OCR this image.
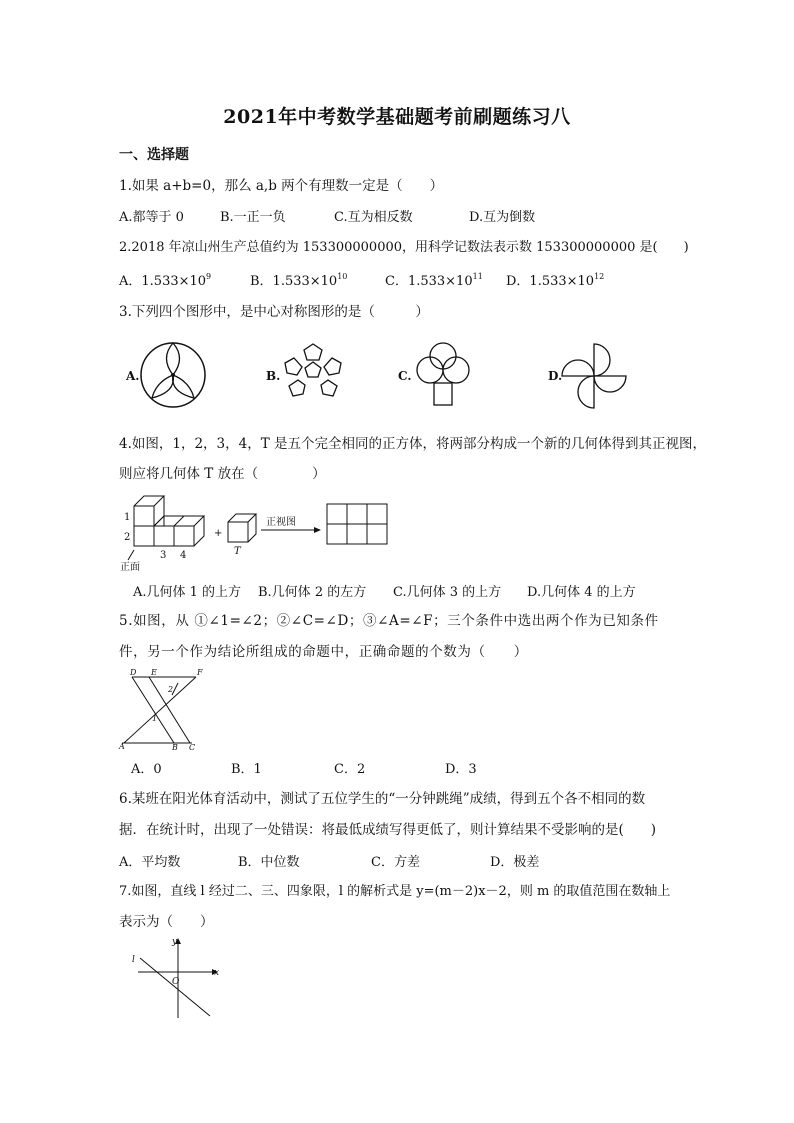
2021年中考数学基础题考前刷题练习八
一、选择题
1.如果 a+b=0，那么 a,b 两个有理数一定是（　　）
A.都等于 0	B.一正一负	C.互为相反数	D.互为倒数
2.2018 年凉山州生产总值约为 153300000000，用科学记数法表示数 153300000000 是(　　)
A．$1.533\times 10^9$	B．$1.533\times 10^{10}$	C．$1.533\times 10^{11}$ D．$1.533\times 10^{12}$
3.下列四个图形中，是中心对称图形的是（　　　）
A.	B.	C.	D.
4.如图，1，2，3，4，T 是五个完全相同的正方体，将两部分构成一个新的几何体得到其正视图，
则应将几何体 T 放在（　　　　）
1
2
3 4
正面
+
T
正视图
A.几何体 1 的上方 B.几何体 2 的左方 C.几何体 3 的上方 D.几何体 4 的上方
5.如图，从 ①∠1=∠2；②∠C=∠D；③∠A=∠F；三个条件中选出两个作为已知条件
件，另一个作为结论所组成的命题中，正确命题的个数为（　　）
D E	F
A	B C
1
2
A．0	B．1	C．2	D．3
6.某班在阳光体育活动中，测试了五位学生的“一分钟跳绳”成绩，得到五个各不相同的数
据．在统计时，出现了一处错误：将最低成绩写得更低了，则计算结果不受影响的是(　　)
A．平均数	B．中位数	C．方差	D．极差
7.如图，直线 l 经过二、三、四象限，l 的解析式是 y=(m－2)x－2，则 m 的取值范围在数轴上
表示为（　　）
y
x
O
l
